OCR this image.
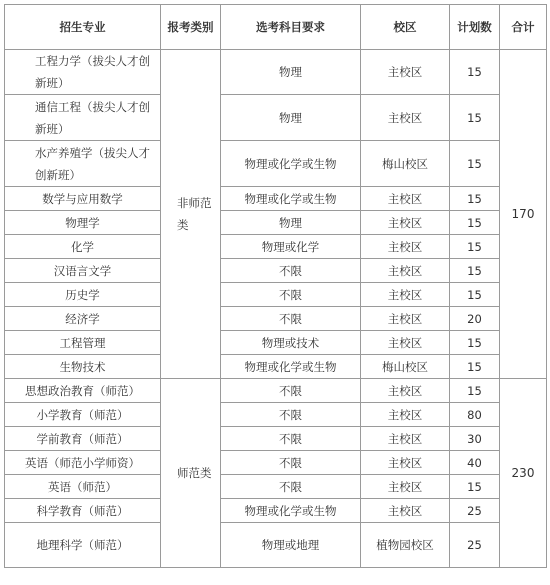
招生专业	报考类别	选考科目要求	校区	计划数	合计
工程力学（拔尖人才创新班）	非师范类	物理	主校区	15	170
通信工程（拔尖人才创新班）		物理	主校区	15	
水产养殖学（拔尖人才创新班）		物理或化学或生物	梅山校区	15	
数学与应用数学		物理或化学或生物	主校区	15	
物理学		物理	主校区	15	
化学		物理或化学	主校区	15	
汉语言文学		不限	主校区	15	
历史学		不限	主校区	15	
经济学		不限	主校区	20	
工程管理		物理或技术	主校区	15	
生物技术		物理或化学或生物	梅山校区	15	
思想政治教育（师范）	师范类	不限	主校区	15	230
小学教育（师范）		不限	主校区	80	
学前教育（师范）		不限	主校区	30	
英语（师范小学师资）		不限	主校区	40	
英语（师范）		不限	主校区	15	
科学教育（师范）		物理或化学或生物	主校区	25	
地理科学（师范）		物理或地理	植物园校区	25	
